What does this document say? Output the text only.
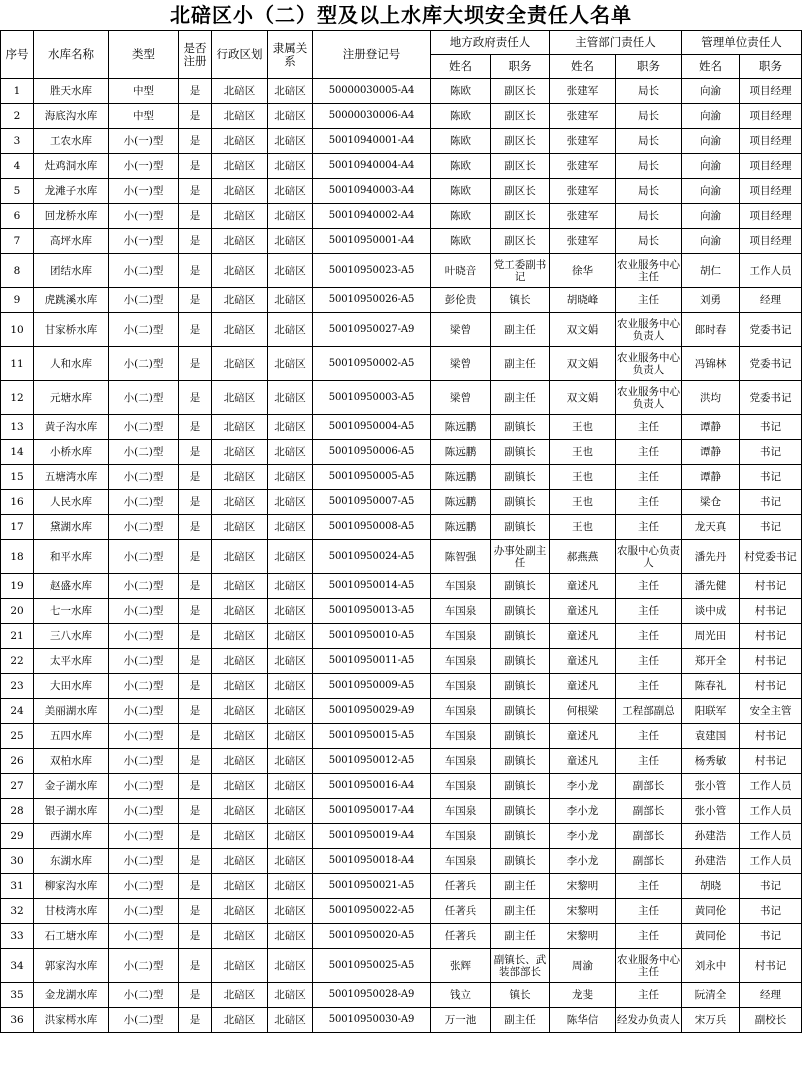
北碚区小（二）型及以上水库大坝安全责任人名单
序号	水库名称	类型	是否注册	行政区划	隶属关系	注册登记号	地方政府责任人		主管部门责任人		管理单位责任人	
							姓名	职务	姓名	职务	姓名	职务
1	胜天水库	中型	是	北碚区	北碚区	50000030005-A4	陈欧	副区长	张建军	局长	向渝	项目经理
2	海底沟水库	中型	是	北碚区	北碚区	50000030006-A4	陈欧	副区长	张建军	局长	向渝	项目经理
3	工农水库	小(一)型	是	北碚区	北碚区	50010940001-A4	陈欧	副区长	张建军	局长	向渝	项目经理
4	灶鸡洞水库	小(一)型	是	北碚区	北碚区	50010940004-A4	陈欧	副区长	张建军	局长	向渝	项目经理
5	龙滩子水库	小(一)型	是	北碚区	北碚区	50010940003-A4	陈欧	副区长	张建军	局长	向渝	项目经理
6	回龙桥水库	小(一)型	是	北碚区	北碚区	50010940002-A4	陈欧	副区长	张建军	局长	向渝	项目经理
7	高坪水库	小(一)型	是	北碚区	北碚区	50010950001-A4	陈欧	副区长	张建军	局长	向渝	项目经理
8	团结水库	小(二)型	是	北碚区	北碚区	50010950023-A5	叶晓音	党工委副书记	徐华	农业服务中心主任	胡仁	工作人员
9	虎跳溪水库	小(二)型	是	北碚区	北碚区	50010950026-A5	彭伦贵	镇长	胡晓峰	主任	刘勇	经理
10	甘家桥水库	小(二)型	是	北碚区	北碚区	50010950027-A9	梁曾	副主任	双文娟	农业服务中心负责人	郎时春	党委书记
11	人和水库	小(二)型	是	北碚区	北碚区	50010950002-A5	梁曾	副主任	双文娟	农业服务中心负责人	冯锦林	党委书记
12	元塘水库	小(二)型	是	北碚区	北碚区	50010950003-A5	梁曾	副主任	双文娟	农业服务中心负责人	洪均	党委书记
13	黄子沟水库	小(二)型	是	北碚区	北碚区	50010950004-A5	陈远鹏	副镇长	王也	主任	谭静	书记
14	小桥水库	小(二)型	是	北碚区	北碚区	50010950006-A5	陈远鹏	副镇长	王也	主任	谭静	书记
15	五塘湾水库	小(二)型	是	北碚区	北碚区	50010950005-A5	陈远鹏	副镇长	王也	主任	谭静	书记
16	人民水库	小(二)型	是	北碚区	北碚区	50010950007-A5	陈远鹏	副镇长	王也	主任	梁仓	书记
17	黛湖水库	小(二)型	是	北碚区	北碚区	50010950008-A5	陈远鹏	副镇长	王也	主任	龙天真	书记
18	和平水库	小(二)型	是	北碚区	北碚区	50010950024-A5	陈智强	办事处副主任	郝燕燕	农服中心负责人	潘先丹	村党委书记
19	赵盛水库	小(二)型	是	北碚区	北碚区	50010950014-A5	车国泉	副镇长	童述凡	主任	潘先健	村书记
20	七一水库	小(二)型	是	北碚区	北碚区	50010950013-A5	车国泉	副镇长	童述凡	主任	谈中成	村书记
21	三八水库	小(二)型	是	北碚区	北碚区	50010950010-A5	车国泉	副镇长	童述凡	主任	周光田	村书记
22	太平水库	小(二)型	是	北碚区	北碚区	50010950011-A5	车国泉	副镇长	童述凡	主任	郑开全	村书记
23	大田水库	小(二)型	是	北碚区	北碚区	50010950009-A5	车国泉	副镇长	童述凡	主任	陈春礼	村书记
24	美丽湖水库	小(二)型	是	北碚区	北碚区	50010950029-A9	车国泉	副镇长	何根梁	工程部副总	阳联军	安全主管
25	五四水库	小(二)型	是	北碚区	北碚区	50010950015-A5	车国泉	副镇长	童述凡	主任	袁建国	村书记
26	双柏水库	小(二)型	是	北碚区	北碚区	50010950012-A5	车国泉	副镇长	童述凡	主任	杨秀敏	村书记
27	金子湖水库	小(二)型	是	北碚区	北碚区	50010950016-A4	车国泉	副镇长	李小龙	副部长	张小管	工作人员
28	银子湖水库	小(二)型	是	北碚区	北碚区	50010950017-A4	车国泉	副镇长	李小龙	副部长	张小管	工作人员
29	西湖水库	小(二)型	是	北碚区	北碚区	50010950019-A4	车国泉	副镇长	李小龙	副部长	孙建浩	工作人员
30	东湖水库	小(二)型	是	北碚区	北碚区	50010950018-A4	车国泉	副镇长	李小龙	副部长	孙建浩	工作人员
31	柳家沟水库	小(二)型	是	北碚区	北碚区	50010950021-A5	任著兵	副主任	宋黎明	主任	胡晓	书记
32	甘枝湾水库	小(二)型	是	北碚区	北碚区	50010950022-A5	任著兵	副主任	宋黎明	主任	黄同伦	书记
33	石工塘水库	小(二)型	是	北碚区	北碚区	50010950020-A5	任著兵	副主任	宋黎明	主任	黄同伦	书记
34	郭家沟水库	小(二)型	是	北碚区	北碚区	50010950025-A5	张辉	副镇长、武装部部长	周渝	农业服务中心主任	刘永中	村书记
35	金龙湖水库	小(二)型	是	北碚区	北碚区	50010950028-A9	钱立	镇长	龙斐	主任	阮清全	经理
36	洪家樗水库	小(二)型	是	北碚区	北碚区	50010950030-A9	万一池	副主任	陈华信	经发办负责人	宋万兵	副校长
